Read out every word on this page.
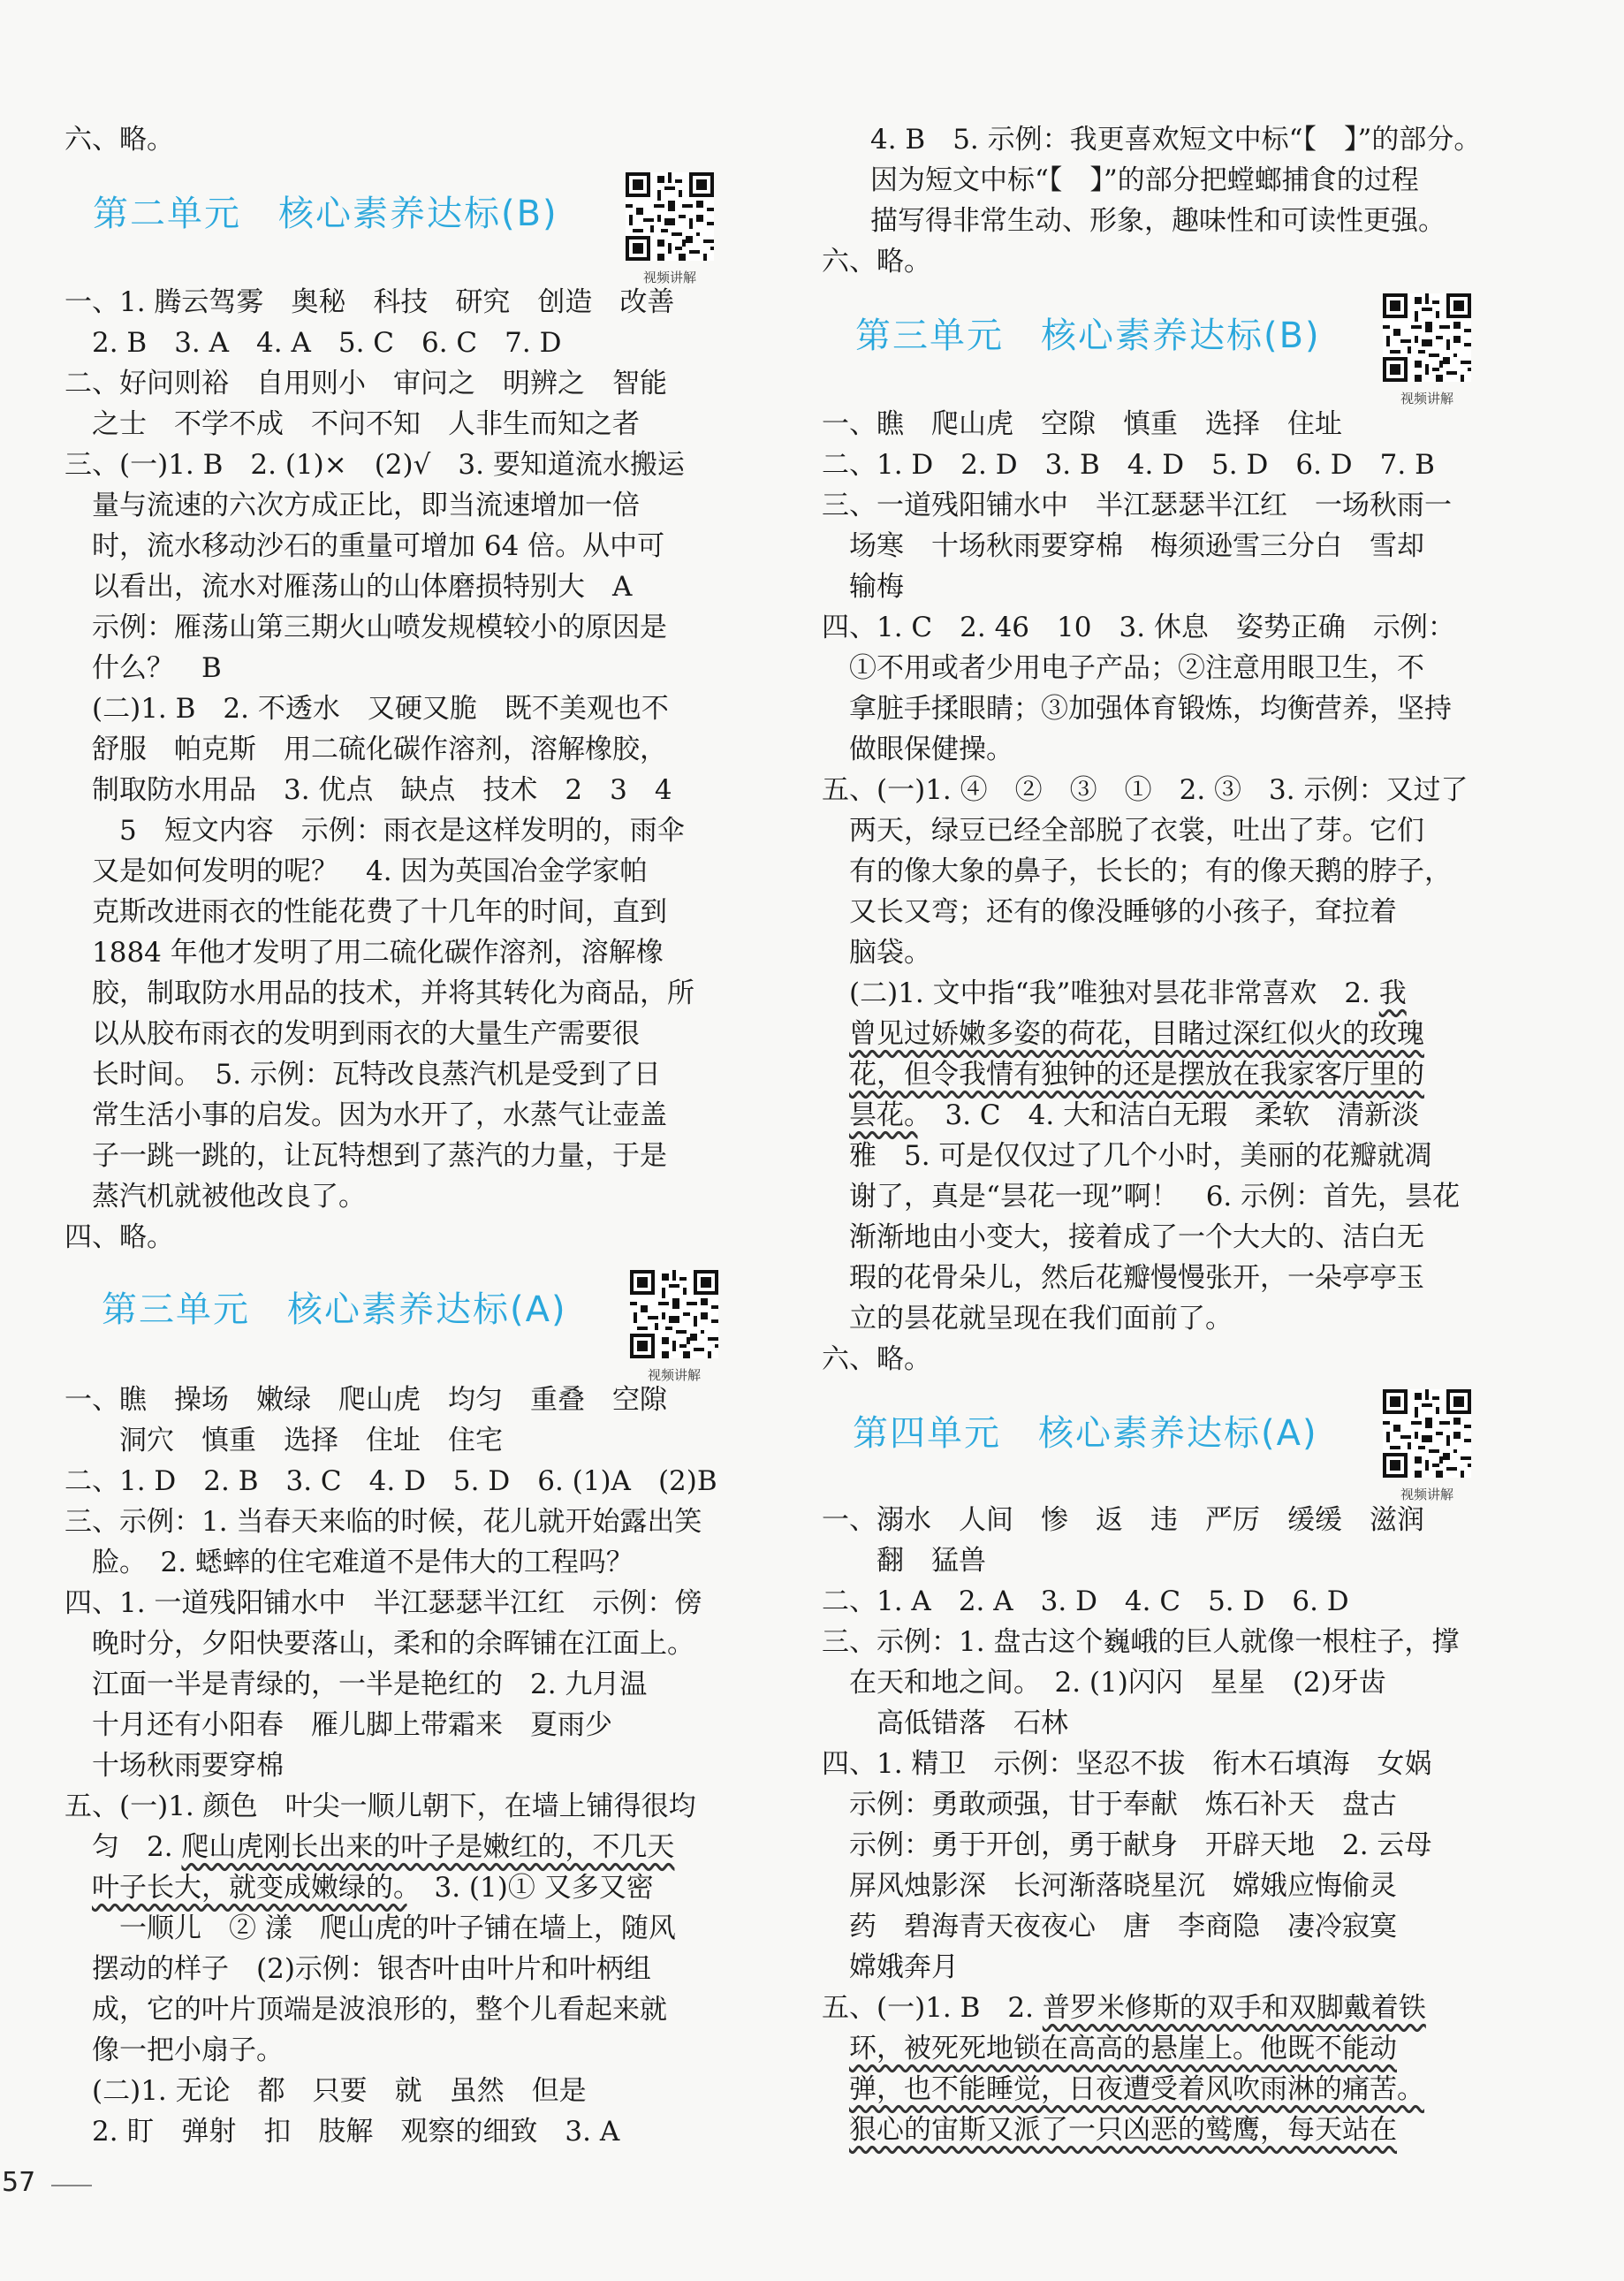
六、略。
第二单元　核心素养达标(B)
视频讲解
一、1. 腾云驾雾　奥秘　科技　研究　创造　改善
　2. B　3. A　4. A　5. C　6. C　7. D
二、好问则裕　自用则小　审问之　明辨之　智能
　之士　不学不成　不问不知　人非生而知之者
三、(一)1. B　2. (1)×　(2)√　3. 要知道流水搬运
　量与流速的六次方成正比，即当流速增加一倍
　时，流水移动沙石的重量可增加 64 倍。从中可
　以看出，流水对雁荡山的山体磨损特别大　A
　示例：雁荡山第三期火山喷发规模较小的原因是
　什么？　B
　(二)1. B　2. 不透水　又硬又脆　既不美观也不
　舒服　帕克斯　用二硫化碳作溶剂，溶解橡胶，
　制取防水用品　3. 优点　缺点　技术　2　3　4
　　5　短文内容　示例：雨衣是这样发明的，雨伞
　又是如何发明的呢？　4. 因为英国冶金学家帕
　克斯改进雨衣的性能花费了十几年的时间，直到
　1884 年他才发明了用二硫化碳作溶剂，溶解橡
　胶，制取防水用品的技术，并将其转化为商品，所
　以从胶布雨衣的发明到雨衣的大量生产需要很
　长时间。　5. 示例：瓦特改良蒸汽机是受到了日
　常生活小事的启发。因为水开了，水蒸气让壶盖
　子一跳一跳的，让瓦特想到了蒸汽的力量，于是
　蒸汽机就被他改良了。
四、略。
第三单元　核心素养达标(A)
视频讲解
一、瞧　操场　嫩绿　爬山虎　均匀　重叠　空隙
　　洞穴　慎重　选择　住址　住宅
二、1. D　2. B　3. C　4. D　5. D　6. (1)A　(2)B
三、示例：1. 当春天来临的时候，花儿就开始露出笑
　脸。　2. 蟋蟀的住宅难道不是伟大的工程吗？
四、1. 一道残阳铺水中　半江瑟瑟半江红　示例：傍
　晚时分，夕阳快要落山，柔和的余晖铺在江面上。
　江面一半是青绿的，一半是艳红的　2. 九月温
　十月还有小阳春　雁儿脚上带霜来　夏雨少
　十场秋雨要穿棉
五、(一)1. 颜色　叶尖一顺儿朝下，在墙上铺得很均
　匀　2. 爬山虎刚长出来的叶子是嫩红的，不几天
　叶子长大，就变成嫩绿的。　3. (1)① 又多又密
　　一顺儿　② 漾　爬山虎的叶子铺在墙上，随风
　摆动的样子　(2)示例：银杏叶由叶片和叶柄组
　成，它的叶片顶端是波浪形的，整个儿看起来就
　像一把小扇子。
　(二)1. 无论　都　只要　就　虽然　但是
　2. 盯　弹射　扣　肢解　观察的细致　3. A
4. B　5. 示例：我更喜欢短文中标“【　】”的部分。
因为短文中标“【　】”的部分把螳螂捕食的过程
描写得非常生动、形象，趣味性和可读性更强。
六、略。
第三单元　核心素养达标(B)
视频讲解
一、瞧　爬山虎　空隙　慎重　选择　住址
二、1. D　2. D　3. B　4. D　5. D　6. D　7. B
三、一道残阳铺水中　半江瑟瑟半江红　一场秋雨一
　场寒　十场秋雨要穿棉　梅须逊雪三分白　雪却
　输梅
四、1. C　2. 46　10　3. 休息　姿势正确　示例：
　①不用或者少用电子产品；②注意用眼卫生，不
　拿脏手揉眼睛；③加强体育锻炼，均衡营养，坚持
　做眼保健操。
五、(一)1. ④　②　③　①　2. ③　3. 示例：又过了
　两天，绿豆已经全部脱了衣裳，吐出了芽。它们
　有的像大象的鼻子，长长的；有的像天鹅的脖子，
　又长又弯；还有的像没睡够的小孩子，耷拉着
　脑袋。
　(二)1. 文中指“我”唯独对昙花非常喜欢　2. 我
　曾见过娇嫩多姿的荷花，目睹过深红似火的玫瑰
　花，但令我情有独钟的还是摆放在我家客厅里的
　昙花。　3. C　4. 大和洁白无瑕　柔软　清新淡
　雅　5. 可是仅仅过了几个小时，美丽的花瓣就凋
　谢了，真是“昙花一现”啊！　6. 示例：首先，昙花
　渐渐地由小变大，接着成了一个大大的、洁白无
　瑕的花骨朵儿，然后花瓣慢慢张开，一朵亭亭玉
　立的昙花就呈现在我们面前了。
六、略。
第四单元　核心素养达标(A)
视频讲解
一、溺水　人间　惨　返　违　严厉　缓缓　滋润
　　翻　猛兽
二、1. A　2. A　3. D　4. C　5. D　6. D
三、示例：1. 盘古这个巍峨的巨人就像一根柱子，撑
　在天和地之间。　2. (1)闪闪　星星　(2)牙齿
　　高低错落　石林
四、1. 精卫　示例：坚忍不拔　衔木石填海　女娲
　示例：勇敢顽强，甘于奉献　炼石补天　盘古
　示例：勇于开创，勇于献身　开辟天地　2. 云母
　屏风烛影深　长河渐落晓星沉　嫦娥应悔偷灵
　药　碧海青天夜夜心　唐　李商隐　凄冷寂寞
　嫦娥奔月
五、(一)1. B　2. 普罗米修斯的双手和双脚戴着铁
　环，被死死地锁在高高的悬崖上。他既不能动
　弹，也不能睡觉，日夜遭受着风吹雨淋的痛苦。
　狠心的宙斯又派了一只凶恶的鹫鹰，每天站在
57
